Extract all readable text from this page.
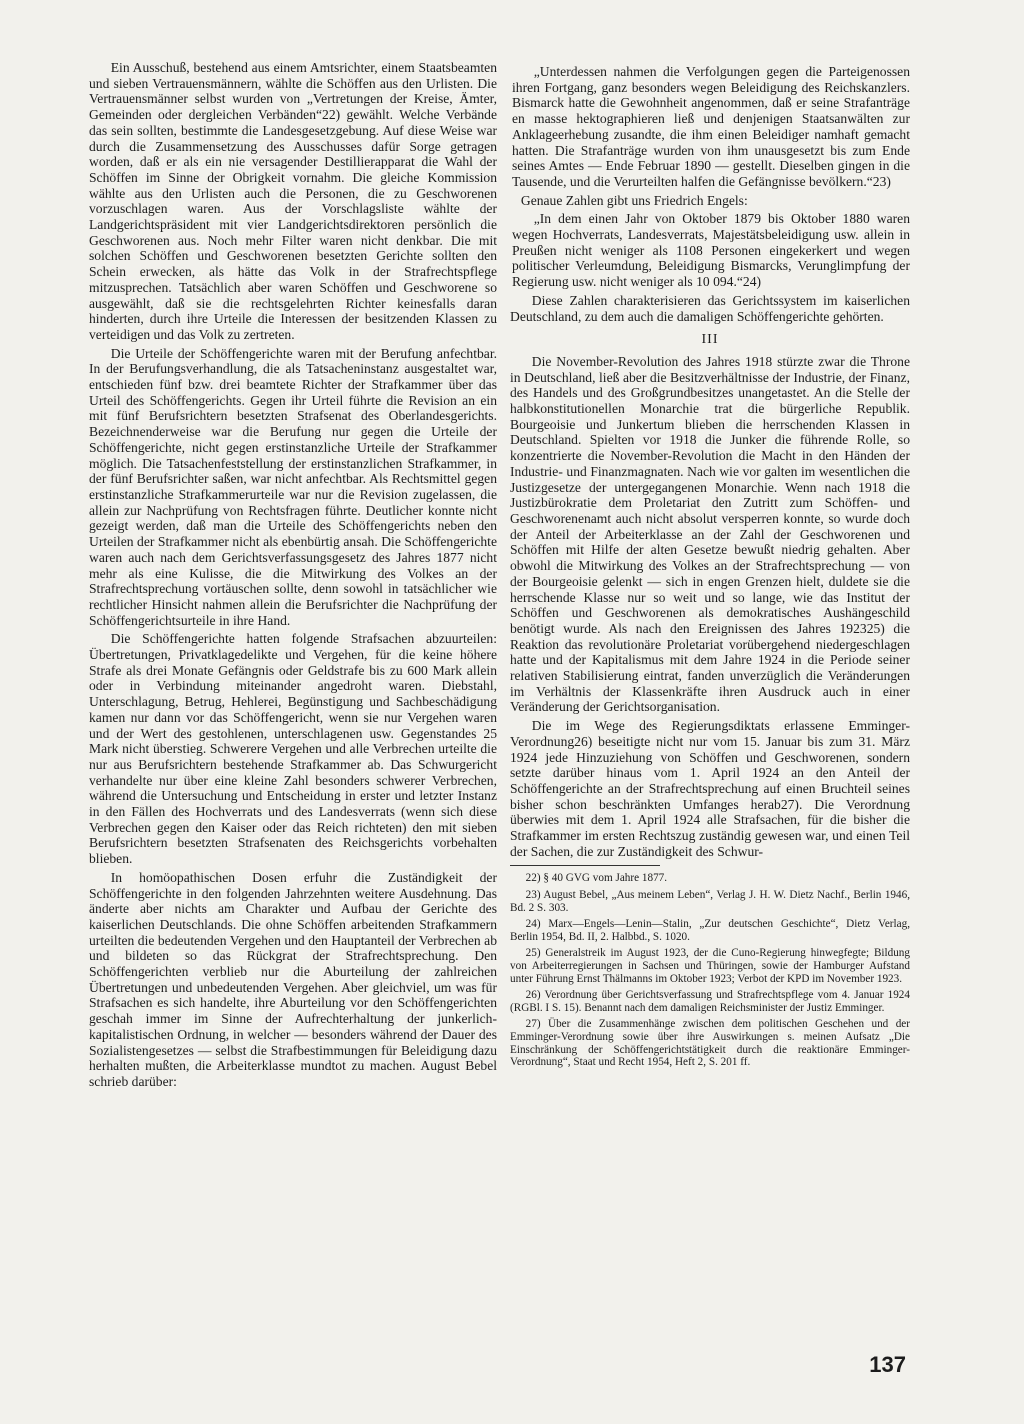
Ein Ausschuß, bestehend aus einem Amtsrichter, einem Staatsbeamten und sieben Vertrauensmännern, wählte die Schöffen aus den Urlisten. Die Vertrauensmänner selbst wurden von „Vertretungen der Kreise, Ämter, Gemeinden oder dergleichen Verbänden“22) gewählt. Welche Verbände das sein sollten, bestimmte die Landesgesetzgebung. Auf diese Weise war durch die Zusammensetzung des Ausschusses dafür Sorge getragen worden, daß er als ein nie versagender Destillierapparat die Wahl der Schöffen im Sinne der Obrigkeit vornahm. Die gleiche Kommission wählte aus den Urlisten auch die Personen, die zu Geschworenen vorzuschlagen waren. Aus der Vorschlagsliste wählte der Landgerichtspräsident mit vier Landgerichtsdirektoren persönlich die Geschworenen aus. Noch mehr Filter waren nicht denkbar. Die mit solchen Schöffen und Geschworenen besetzten Gerichte sollten den Schein erwecken, als hätte das Volk in der Strafrechtspflege mitzusprechen. Tatsächlich aber waren Schöffen und Geschworene so ausgewählt, daß sie die rechtsgelehrten Richter keinesfalls daran hinderten, durch ihre Urteile die Interessen der besitzenden Klassen zu verteidigen und das Volk zu zertreten.

Die Urteile der Schöffengerichte waren mit der Berufung anfechtbar. In der Berufungsverhandlung, die als Tatsacheninstanz ausgestaltet war, entschieden fünf bzw. drei beamtete Richter der Strafkammer über das Urteil des Schöffengerichts. Gegen ihr Urteil führte die Revision an ein mit fünf Berufsrichtern besetzten Strafsenat des Oberlandesgerichts. Bezeichnenderweise war die Berufung nur gegen die Urteile der Schöffengerichte, nicht gegen erstinstanzliche Urteile der Strafkammer möglich. Die Tatsachenfeststellung der erstinstanzlichen Strafkammer, in der fünf Berufsrichter saßen, war nicht anfechtbar. Als Rechtsmittel gegen erstinstanzliche Strafkammerurteile war nur die Revision zugelassen, die allein zur Nachprüfung von Rechtsfragen führte. Deutlicher konnte nicht gezeigt werden, daß man die Urteile des Schöffengerichts neben den Urteilen der Strafkammer nicht als ebenbürtig ansah. Die Schöffengerichte waren auch nach dem Gerichtsverfassungsgesetz des Jahres 1877 nicht mehr als eine Kulisse, die die Mitwirkung des Volkes an der Strafrechtsprechung vortäuschen sollte, denn sowohl in tatsächlicher wie rechtlicher Hinsicht nahmen allein die Berufsrichter die Nachprüfung der Schöffengerichtsurteile in ihre Hand.

Die Schöffengerichte hatten folgende Strafsachen abzuurteilen: Übertretungen, Privatklagedelikte und Vergehen, für die keine höhere Strafe als drei Monate Gefängnis oder Geldstrafe bis zu 600 Mark allein oder in Verbindung miteinander angedroht waren. Diebstahl, Unterschlagung, Betrug, Hehlerei, Begünstigung und Sachbeschädigung kamen nur dann vor das Schöffengericht, wenn sie nur Vergehen waren und der Wert des gestohlenen, unterschlagenen usw. Gegenstandes 25 Mark nicht überstieg. Schwerere Vergehen und alle Verbrechen urteilte die nur aus Berufsrichtern bestehende Strafkammer ab. Das Schwurgericht verhandelte nur über eine kleine Zahl besonders schwerer Verbrechen, während die Untersuchung und Entscheidung in erster und letzter Instanz in den Fällen des Hochverrats und des Landesverrats (wenn sich diese Verbrechen gegen den Kaiser oder das Reich richteten) den mit sieben Berufsrichtern besetzten Strafsenaten des Reichsgerichts vorbehalten blieben.

In homöopathischen Dosen erfuhr die Zuständigkeit der Schöffengerichte in den folgenden Jahrzehnten weitere Ausdehnung. Das änderte aber nichts am Charakter und Aufbau der Gerichte des kaiserlichen Deutschlands. Die ohne Schöffen arbeitenden Strafkammern urteilten die bedeutenden Vergehen und den Hauptanteil der Verbrechen ab und bildeten so das Rückgrat der Strafrechtsprechung. Den Schöffengerichten verblieb nur die Aburteilung der zahlreichen Übertretungen und unbedeutenden Vergehen. Aber gleichviel, um was für Strafsachen es sich handelte, ihre Aburteilung vor den Schöffengerichten geschah immer im Sinne der Aufrechterhaltung der junkerlich-kapitalistischen Ordnung, in welcher — besonders während der Dauer des Sozialistengesetzes — selbst die Strafbestimmungen für Beleidigung dazu herhalten mußten, die Arbeiterklasse mundtot zu machen. August Bebel schrieb darüber:

„Unterdessen nahmen die Verfolgungen gegen die Parteigenossen ihren Fortgang, ganz besonders wegen Beleidigung des Reichskanzlers. Bismarck hatte die Gewohnheit angenommen, daß er seine Strafanträge en masse hektographieren ließ und denjenigen Staatsanwälten zur Anklageerhebung zusandte, die ihm einen Beleidiger namhaft gemacht hatten. Die Strafanträge wurden von ihm unausgesetzt bis zum Ende seines Amtes — Ende Februar 1890 — gestellt. Dieselben gingen in die Tausende, und die Verurteilten halfen die Gefängnisse bevölkern.“23)

Genaue Zahlen gibt uns Friedrich Engels:

„In dem einen Jahr von Oktober 1879 bis Oktober 1880 waren wegen Hochverrats, Landesverrats, Majestätsbeleidigung usw. allein in Preußen nicht weniger als 1108 Personen eingekerkert und wegen politischer Verleumdung, Beleidigung Bismarcks, Verunglimpfung der Regierung usw. nicht weniger als 10 094.“24)

Diese Zahlen charakterisieren das Gerichtssystem im kaiserlichen Deutschland, zu dem auch die damaligen Schöffengerichte gehörten.

III

Die November-Revolution des Jahres 1918 stürzte zwar die Throne in Deutschland, ließ aber die Besitzverhältnisse der Industrie, der Finanz, des Handels und des Großgrundbesitzes unangetastet. An die Stelle der halbkonstitutionellen Monarchie trat die bürgerliche Republik. Bourgeoisie und Junkertum blieben die herrschenden Klassen in Deutschland. Spielten vor 1918 die Junker die führende Rolle, so konzentrierte die November-Revolution die Macht in den Händen der Industrie- und Finanzmagnaten. Nach wie vor galten im wesentlichen die Justizgesetze der untergegangenen Monarchie. Wenn nach 1918 die Justizbürokratie dem Proletariat den Zutritt zum Schöffen- und Geschworenenamt auch nicht absolut versperren konnte, so wurde doch der Anteil der Arbeiterklasse an der Zahl der Geschworenen und Schöffen mit Hilfe der alten Gesetze bewußt niedrig gehalten. Aber obwohl die Mitwirkung des Volkes an der Strafrechtsprechung — von der Bourgeoisie gelenkt — sich in engen Grenzen hielt, duldete sie die herrschende Klasse nur so weit und so lange, wie das Institut der Schöffen und Geschworenen als demokratisches Aushängeschild benötigt wurde. Als nach den Ereignissen des Jahres 192325) die Reaktion das revolutionäre Proletariat vorübergehend niedergeschlagen hatte und der Kapitalismus mit dem Jahre 1924 in die Periode seiner relativen Stabilisierung eintrat, fanden unverzüglich die Veränderungen im Verhältnis der Klassenkräfte ihren Ausdruck auch in einer Veränderung der Gerichtsorganisation.

Die im Wege des Regierungsdiktats erlassene Emminger-Verordnung26) beseitigte nicht nur vom 15. Januar bis zum 31. März 1924 jede Hinzuziehung von Schöffen und Geschworenen, sondern setzte darüber hinaus vom 1. April 1924 an den Anteil der Schöffengerichte an der Strafrechtsprechung auf einen Bruchteil seines bisher schon beschränkten Umfanges herab27). Die Verordnung überwies mit dem 1. April 1924 alle Strafsachen, für die bisher die Strafkammer im ersten Rechtszug zuständig gewesen war, und einen Teil der Sachen, die zur Zuständigkeit des Schwur-

22) § 40 GVG vom Jahre 1877.

23) August Bebel, „Aus meinem Leben“, Verlag J. H. W. Dietz Nachf., Berlin 1946, Bd. 2 S. 303.

24) Marx—Engels—Lenin—Stalin, „Zur deutschen Geschichte“, Dietz Verlag, Berlin 1954, Bd. II, 2. Halbbd., S. 1020.

25) Generalstreik im August 1923, der die Cuno-Regierung hinwegfegte; Bildung von Arbeiterregierungen in Sachsen und Thüringen, sowie der Hamburger Aufstand unter Führung Ernst Thälmanns im Oktober 1923; Verbot der KPD im November 1923.

26) Verordnung über Gerichtsverfassung und Strafrechtspflege vom 4. Januar 1924 (RGBl. I S. 15). Benannt nach dem damaligen Reichsminister der Justiz Emminger.

27) Über die Zusammenhänge zwischen dem politischen Geschehen und der Emminger-Verordnung sowie über ihre Auswirkungen s. meinen Aufsatz „Die Einschränkung der Schöffengerichtstätigkeit durch die reaktionäre Emminger-Verordnung“, Staat und Recht 1954, Heft 2, S. 201 ff.

137
